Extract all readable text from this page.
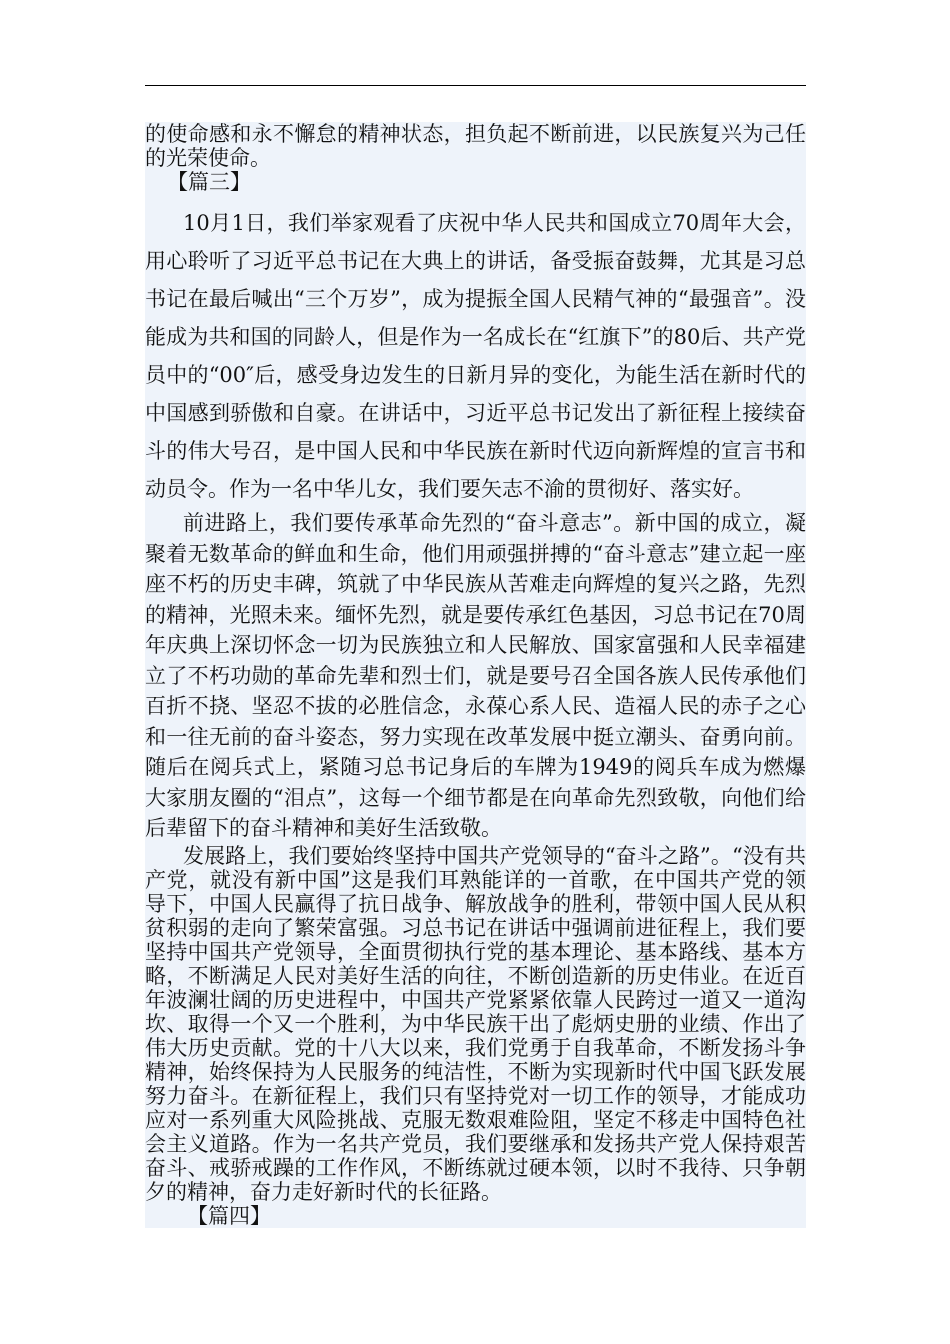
的使命感和永不懈怠的精神状态，担负起不断前进，以民族复兴为己任的光荣使命。

【篇三】

10月1日，我们举家观看了庆祝中华人民共和国成立70周年大会，用心聆听了习近平总书记在大典上的讲话，备受振奋鼓舞，尤其是习总书记在最后喊出“三个万岁”，成为提振全国人民精气神的“最强音”。没能成为共和国的同龄人，但是作为一名成长在“红旗下”的80后、共产党员中的“00″后，感受身边发生的日新月异的变化，为能生活在新时代的中国感到骄傲和自豪。在讲话中，习近平总书记发出了新征程上接续奋斗的伟大号召，是中国人民和中华民族在新时代迈向新辉煌的宣言书和动员令。作为一名中华儿女，我们要矢志不渝的贯彻好、落实好。

前进路上，我们要传承革命先烈的“奋斗意志”。新中国的成立，凝聚着无数革命的鲜血和生命，他们用顽强拼搏的“奋斗意志”建立起一座座不朽的历史丰碑，筑就了中华民族从苦难走向辉煌的复兴之路，先烈的精神，光照未来。缅怀先烈，就是要传承红色基因，习总书记在70周年庆典上深切怀念一切为民族独立和人民解放、国家富强和人民幸福建立了不朽功勋的革命先辈和烈士们，就是要号召全国各族人民传承他们百折不挠、坚忍不拔的必胜信念，永葆心系人民、造福人民的赤子之心和一往无前的奋斗姿态，努力实现在改革发展中挺立潮头、奋勇向前。随后在阅兵式上，紧随习总书记身后的车牌为1949的阅兵车成为燃爆大家朋友圈的“泪点”，这每一个细节都是在向革命先烈致敬，向他们给后辈留下的奋斗精神和美好生活致敬。

发展路上，我们要始终坚持中国共产党领导的“奋斗之路”。“没有共产党，就没有新中国”这是我们耳熟能详的一首歌，在中国共产党的领导下，中国人民赢得了抗日战争、解放战争的胜利，带领中国人民从积贫积弱的走向了繁荣富强。习总书记在讲话中强调前进征程上，我们要坚持中国共产党领导，全面贯彻执行党的基本理论、基本路线、基本方略，不断满足人民对美好生活的向往，不断创造新的历史伟业。在近百年波澜壮阔的历史进程中，中国共产党紧紧依靠人民跨过一道又一道沟坎、取得一个又一个胜利，为中华民族干出了彪炳史册的业绩、作出了伟大历史贡献。党的十八大以来，我们党勇于自我革命，不断发扬斗争精神，始终保持为人民服务的纯洁性，不断为实现新时代中国飞跃发展努力奋斗。在新征程上，我们只有坚持党对一切工作的领导，才能成功应对一系列重大风险挑战、克服无数艰难险阻，坚定不移走中国特色社会主义道路。作为一名共产党员，我们要继承和发扬共产党人保持艰苦奋斗、戒骄戒躁的工作作风，不断练就过硬本领，以时不我待、只争朝夕的精神，奋力走好新时代的长征路。

【篇四】
